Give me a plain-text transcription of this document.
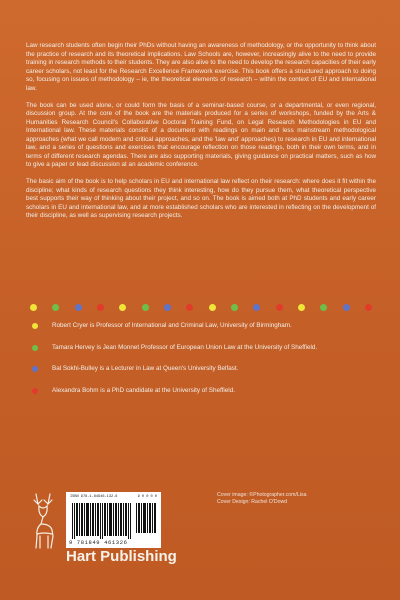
Law research students often begin their PhDs without having an awareness of methodology, or the opportunity to think about the practice of research and its theoretical implications. Law Schools are, however, increasingly alive to the need to provide training in research methods to their students. They are also alive to the need to develop the research capacities of their early career scholars, not least for the Research Excellence Framework exercise. This book offers a structured approach to doing so, focusing on issues of methodology – ie, the theoretical elements of research – within the context of EU and international law.

The book can be used alone, or could form the basis of a seminar-based course, or a departmental, or even regional, discussion group. At the core of the book are the materials produced for a series of workshops, funded by the Arts & Humanities Research Council's Collaborative Doctoral Training Fund, on Legal Research Methodologies in EU and International law. These materials consist of a document with readings on main and less mainstream methodological approaches (what we call modern and critical approaches, and the 'law and' approaches) to research in EU and international law, and a series of questions and exercises that encourage reflection on those readings, both in their own terms, and in terms of different research agendas. There are also supporting materials, giving guidance on practical matters, such as how to give a paper or lead discussion at an academic conference.

The basic aim of the book is to help scholars in EU and international law reflect on their research: where does it fit within the discipline; what kinds of research questions they think interesting, how do they pursue them, what theoretical perspective best supports their way of thinking about their project, and so on. The book is aimed both at PhD students and early career scholars in EU and international law, and at more established scholars who are interested in reflecting on the development of their discipline, as well as supervising research projects.

Robert Cryer is Professor of International and Criminal Law, University of Birmingham.
Tamara Hervey is Jean Monnet Professor of European Union Law at the University of Sheffield.
Bal Sokhi-Bulley is a Lecturer in Law at Queen's University Belfast.
Alexandra Bohm is a PhD candidate at the University of Sheffield.
ISBN 978-1-84946-132-6	9 0 0 0 0
9 781849 461326
Cover image: ©Photographer.com/Lisa
Cover Design: Rachel O'Dowd
Hart Publishing
